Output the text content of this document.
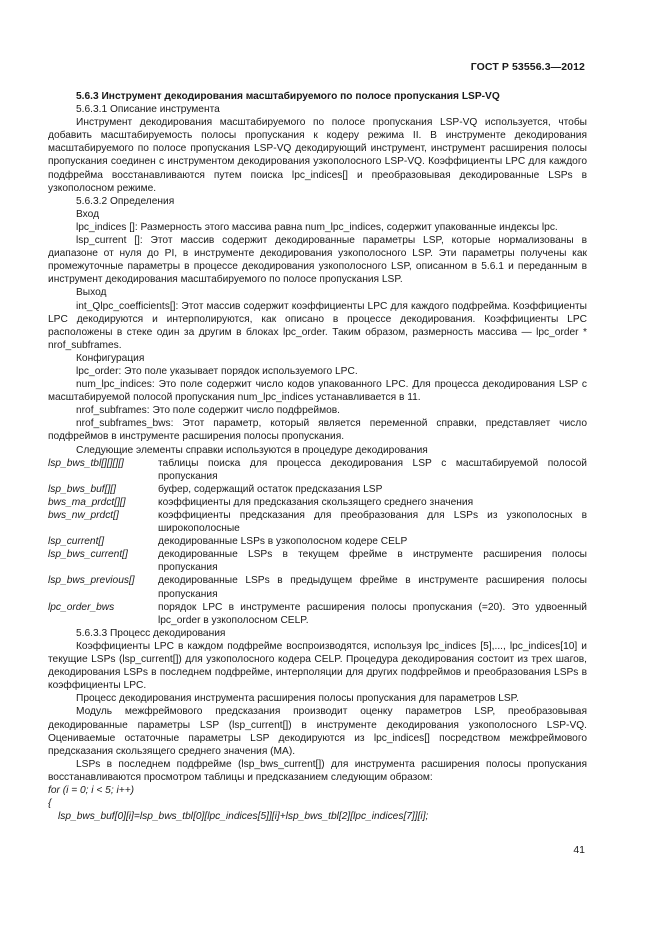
ГОСТ Р 53556.3—2012

5.6.3 Инструмент декодирования масштабируемого по полосе пропускания LSP-VQ

5.6.3.1 Описание инструмента

Инструмент декодирования масштабируемого по полосе пропускания LSP-VQ используется, чтобы добавить масштабируемость полосы пропускания к кодеру режима II. В инструменте декодирования масштабируемого по полосе пропускания LSP-VQ декодирующий инструмент, инструмент расширения полосы пропускания соединен с инструментом декодирования узкополосного LSP-VQ. Коэффициенты LPC для каждого подфрейма восстанавливаются путем поиска lpc_indices[] и преобразовывая декодированные LSPs в узкополосном режиме.

5.6.3.2 Определения

Вход

lpc_indices []: Размерность этого массива равна num_lpc_indices, содержит упакованные индексы lpc.

lsp_current []: Этот массив содержит декодированные параметры LSP, которые нормализованы в диапазоне от нуля до PI, в инструменте декодирования узкополосного LSP. Эти параметры получены как промежуточные параметры в процессе декодирования узкополосного LSP, описанном в 5.6.1 и переданным в инструмент декодирования масштабируемого по полосе пропускания LSP.

Выход

int_Qlpc_coefficients[]: Этот массив содержит коэффициенты LPC для каждого подфрейма. Коэффициенты LPC декодируются и интерполируются, как описано в процессе декодирования. Коэффициенты LPC расположены в стеке один за другим в блоках lpc_order. Таким образом, размерность массива — lpc_order * nrof_subframes.

Конфигурация

lpc_order: Это поле указывает порядок используемого LPC.

num_lpc_indices: Это поле содержит число кодов упакованного LPC. Для процесса декодирования LSP с масштабируемой полосой пропускания num_lpc_indices устанавливается в 11.

nrof_subframes: Это поле содержит число подфреймов.

nrof_subframes_bws: Этот параметр, который является переменной справки, представляет число подфреймов в инструменте расширения полосы пропускания.

Следующие элементы справки используются в процедуре декодирования

lsp_bws_tbl[][][][]	таблицы поиска для процесса декодирования LSP с масштабируемой полосой пропускания
lsp_bws_buf[][]	буфер, содержащий остаток предсказания LSP
bws_ma_prdct[][]	коэффициенты для предсказания скользящего среднего значения
bws_nw_prdct[]	коэффициенты предсказания для преобразования для LSPs из узкополосных в широкополосные
lsp_current[]	декодированные LSPs в узкополосном кодере CELP
lsp_bws_current[]	декодированные LSPs в текущем фрейме в инструменте расширения полосы пропускания
lsp_bws_previous[]	декодированные LSPs в предыдущем фрейме в инструменте расширения полосы пропускания
lpc_order_bws	порядок LPC в инструменте расширения полосы пропускания (=20). Это удвоенный lpc_order в узкополосном CELP.

5.6.3.3 Процесс декодирования

Коэффициенты LPC в каждом подфрейме воспроизводятся, используя lpc_indices [5],..., lpc_indices[10] и текущие LSPs (lsp_current[]) для узкополосного кодера CELP. Процедура декодирования состоит из трех шагов, декодирования LSPs в последнем подфрейме, интерполяции для других подфреймов и преобразования LSPs в коэффициенты LPC.

Процесс декодирования инструмента расширения полосы пропускания для параметров LSP.

Модуль межфреймового предсказания производит оценку параметров LSP, преобразовывая декодированные параметры LSP (lsp_current[]) в инструменте декодирования узкополосного LSP-VQ. Оцениваемые остаточные параметры LSP декодируются из lpc_indices[] посредством межфреймового предсказания скользящего среднего значения (MA).

LSPs в последнем подфрейме (lsp_bws_current[]) для инструмента расширения полосы пропускания восстанавливаются просмотром таблицы и предсказанием следующим образом:

for (i = 0; i < 5; i++)

{

lsp_bws_buf[0][i]=lsp_bws_tbl[0][lpc_indices[5]][i]+lsp_bws_tbl[2][lpc_indices[7]][i];

41
